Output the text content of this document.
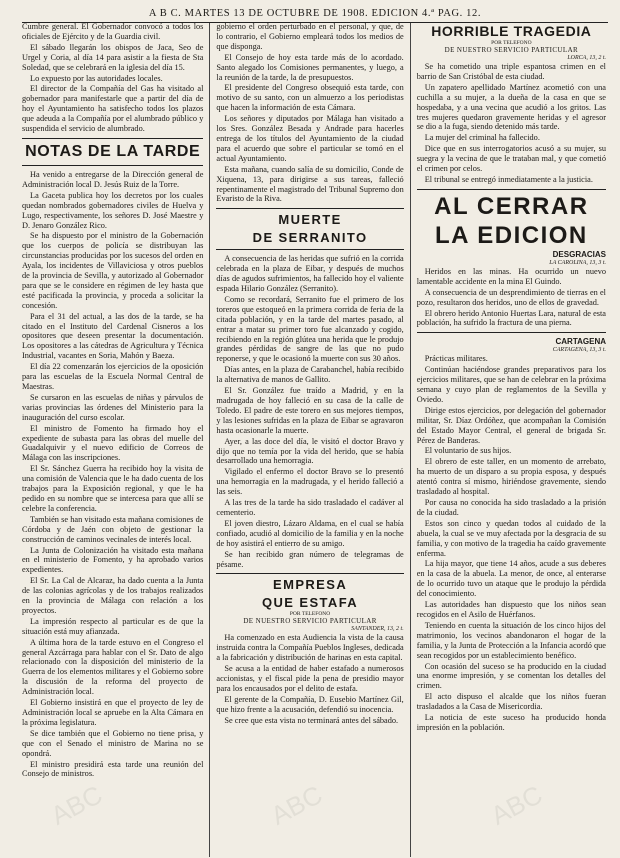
A B C. MARTES 13 DE OCTUBRE DE 1908. EDICION 4.ª PAG. 12.

Cumbre general. El Gobernador convocó a todos los oficiales de Ejército y de la Guardia civil.

El sábado llegarán los obispos de Jaca, Seo de Urgel y Coria, al día 14 para asistir a la fiesta de Sta Soledad, que se celebrará en la iglesia del día 15.

Lo expuesto por las autoridades locales.

El director de la Compañía del Gas ha visitado al gobernador para manifestarle que a partir del día de hoy el Ayuntamiento ha satisfecho todos los plazos que adeuda a la Compañía por el alumbrado público y suspendida el servicio de alumbrado.

NOTAS DE LA TARDE

Ha venido a entregarse de la Dirección general de Administración local D. Jesús Ruiz de la Torre.

La Gaceta publica hoy los decretos por los cuales quedan nombrados gobernadores civiles de Huelva y Lugo, respectivamente, los señores D. José Maestre y D. Jenaro González Rico.

Se ha dispuesto por el ministro de la Gobernación que los cuerpos de policía se distribuyan las circunstancias producidas por los sucesos del orden en Ayala, los incidentes de Villaviciosa y otros pueblos de la provincia de Sevilla, y autorizado al Gobernador para que se le considere en régimen de ley hasta que esté pacificada la provincia, y proceda a solicitar la concesión.

Para el 31 del actual, a las dos de la tarde, se ha citado en el Instituto del Cardenal Cisneros a los opositores que deseen presentar la documentación. Los opositores a las cátedras de Agricultura y Técnica Industrial, vacantes en Soria, Mahón y Baeza.

El día 22 comenzarán los ejercicios de la oposición para las escuelas de la Escuela Normal Central de Maestras.

Se cursaron en las escuelas de niñas y párvulos de varias provincias las órdenes del Ministerio para la inauguración del curso escolar.

El ministro de Fomento ha firmado hoy el expediente de subasta para las obras del muelle del Guadalquivir y el nuevo edificio de Correos de Málaga con las inscripciones.

El Sr. Sánchez Guerra ha recibido hoy la visita de una comisión de Valencia que le ha dado cuenta de los trabajos para la Exposición regional, y que le ha pedido en su nombre que se intercesa para que allí se celebre la conferencia.

También se han visitado esta mañana comisiones de Córdoba y de Jaén con objeto de gestionar la construcción de caminos vecinales de interés local.

La Junta de Colonización ha visitado esta mañana en el ministerio de Fomento, y ha aprobado varios expedientes.

El Sr. La Cal de Alcaraz, ha dado cuenta a la Junta de las colonias agrícolas y de los trabajos realizados en la provincia de Málaga con relación a los proyectos.

La impresión respecto al particular es de que la situación está muy afianzada.

A última hora de la tarde estuvo en el Congreso el general Azcárraga para hablar con el Sr. Dato de algo relacionado con la disposición del ministerio de la Guerra de los elementos militares y el Gobierno sobre la discusión de la reforma del proyecto de Administración local.

El Gobierno insistirá en que el proyecto de ley de Administración local se apruebe en la Alta Cámara en la próxima legislatura.

Se dice también que el Gobierno no tiene prisa, y que con el Senado el ministro de Marina no se opondrá.

El ministro presidirá esta tarde una reunión del Consejo de ministros.

gobierno el orden perturbado en el personal, y que, de lo contrario, el Gobierno empleará todos los medios de que disponga.

El Consejo de hoy esta tarde más de lo acordado. Santo alegado los Comisiones permanentes, y luego, a la reunión de la tarde, la de presupuestos.

El presidente del Congreso obsequió esta tarde, con motivo de su santo, con un almuerzo a los periodistas que hacen la información de esta Cámara.

Los señores y diputados por Málaga han visitado a los Sres. González Besada y Andrade para hacerles entrega de los títulos del Ayuntamiento de la ciudad para el acuerdo que sobre el particular se tomó en el actual Ayuntamiento.

Esta mañana, cuando salía de su domicilio, Conde de Xiquena, 13, para dirigirse a sus tareas, falleció repentinamente el magistrado del Tribunal Supremo don Evaristo de la Riva.

MUERTE
DE SERRANITO

A consecuencia de las heridas que sufrió en la corrida celebrada en la plaza de Eibar, y después de muchos días de agudos sufrimientos, ha fallecido hoy el valiente espada Hilario González (Serranito).

Como se recordará, Serranito fue el primero de los toreros que estoqueó en la primera corrida de feria de la citada población, y en la tarde del martes pasado, al entrar a matar su primer toro fue alcanzado y cogido, recibiendo en la región glútea una herida que le produjo grandes pérdidas de sangre de las que no pudo reponerse, y que le ocasionó la muerte con sus 30 años.

Días antes, en la plaza de Carabanchel, había recibido la alternativa de manos de Gallito.

El Sr. González fue traído a Madrid, y en la madrugada de hoy falleció en su casa de la calle de Toledo. El padre de este torero en sus mejores tiempos, y las lesiones sufridas en la plaza de Eibar se agravaron hasta ocasionarle la muerte.

Ayer, a las doce del día, le visitó el doctor Bravo y dijo que no temía por la vida del herido, que se había desarrollado una hemorragia.

Vigilado el enfermo el doctor Bravo se lo presentó una hemorragia en la madrugada, y el herido falleció a las seis.

A las tres de la tarde ha sido trasladado el cadáver al cementerio.

El joven diestro, Lázaro Aldama, en el cual se había confiado, acudió al domicilio de la familia y en la noche de hoy asistirá el entierro de su amigo.

Se han recibido gran número de telegramas de pésame.

EMPRESA
QUE ESTAFA
POR TELEFONO
DE NUESTRO SERVICIO PARTICULAR
SANTANDER, 13, 2 t.

Ha comenzado en esta Audiencia la vista de la causa instruida contra la Compañía Pueblos Ingleses, dedicada a la fabricación y distribución de harinas en esta capital.

Se acusa a la entidad de haber estafado a numerosos accionistas, y el fiscal pide la pena de presidio mayor para los encausados por el delito de estafa.

El gerente de la Compañía, D. Eusebio Martínez Gil, que hizo frente a la acusación, defendió su inocencia.

Se cree que esta vista no terminará antes del sábado.

HORRIBLE TRAGEDIA
POR TELEFONO
DE NUESTRO SERVICIO PARTICULAR
LORCA, 13, 2 t.

Se ha cometido una triple espantosa crimen en el barrio de San Cristóbal de esta ciudad.

Un zapatero apellidado Martínez acometió con una cuchilla a su mujer, a la dueña de la casa en que se hospedaba, y a una vecina que acudió a los gritos. Las tres mujeres quedaron gravemente heridas y el agresor se dio a la fuga, siendo detenido más tarde.

La mujer del criminal ha fallecido.

Dice que en sus interrogatorios acusó a su mujer, su suegra y la vecina de que le trataban mal, y que cometió el crimen por celos.

El tribunal se entregó inmediatamente a la justicia.

AL CERRAR
LA EDICION
DESGRACIAS
LA CAROLINA, 13, 3 t.

Heridos en las minas. Ha ocurrido un nuevo lamentable accidente en la mina El Guindo.

A consecuencia de un desprendimiento de tierras en el pozo, resultaron dos heridos, uno de ellos de gravedad.

El obrero herido Antonio Huertas Lara, natural de esta población, ha sufrido la fractura de una pierna.

CARTAGENA
CARTAGENA, 13, 3 t.

Prácticas militares.

Continúan haciéndose grandes preparativos para los ejercicios militares, que se han de celebrar en la próxima semana y cuyo plan de reglamentos de la Sevilla y Oviedo.

Dirige estos ejercicios, por delegación del gobernador militar, Sr. Díaz Ordóñez, que acompañan la Comisión del Estado Mayor Central, el general de brigada Sr. Pérez de Banderas.

El voluntario de sus hijos.

El obrero de este taller, en un momento de arrebato, ha muerto de un disparo a su propia esposa, y después atentó contra sí mismo, hiriéndose gravemente, siendo trasladado al hospital.

Por causa no conocida ha sido trasladado a la prisión de la ciudad.

Estos son cinco y quedan todos al cuidado de la abuela, la cual se ve muy afectada por la desgracia de su familia, y con motivo de la tragedia ha caído gravemente enferma.

La hija mayor, que tiene 14 años, acude a sus deberes en la casa de la abuela. La menor, de once, al enterarse de lo ocurrido tuvo un ataque que le produjo la pérdida del conocimiento.

Las autoridades han dispuesto que los niños sean recogidos en el Asilo de Huérfanos.

Teniendo en cuenta la situación de los cinco hijos del matrimonio, los vecinos abandonaron el hogar de la familia, y la Junta de Protección a la Infancia acordó que sean recogidos por un establecimiento benéfico.

Con ocasión del suceso se ha producido en la ciudad una enorme impresión, y se comentan los detalles del crimen.

El acto dispuso el alcalde que los niños fueran trasladados a la Casa de Misericordia.

La noticia de este suceso ha producido honda impresión en la población.

ABC	ABC	ABC
